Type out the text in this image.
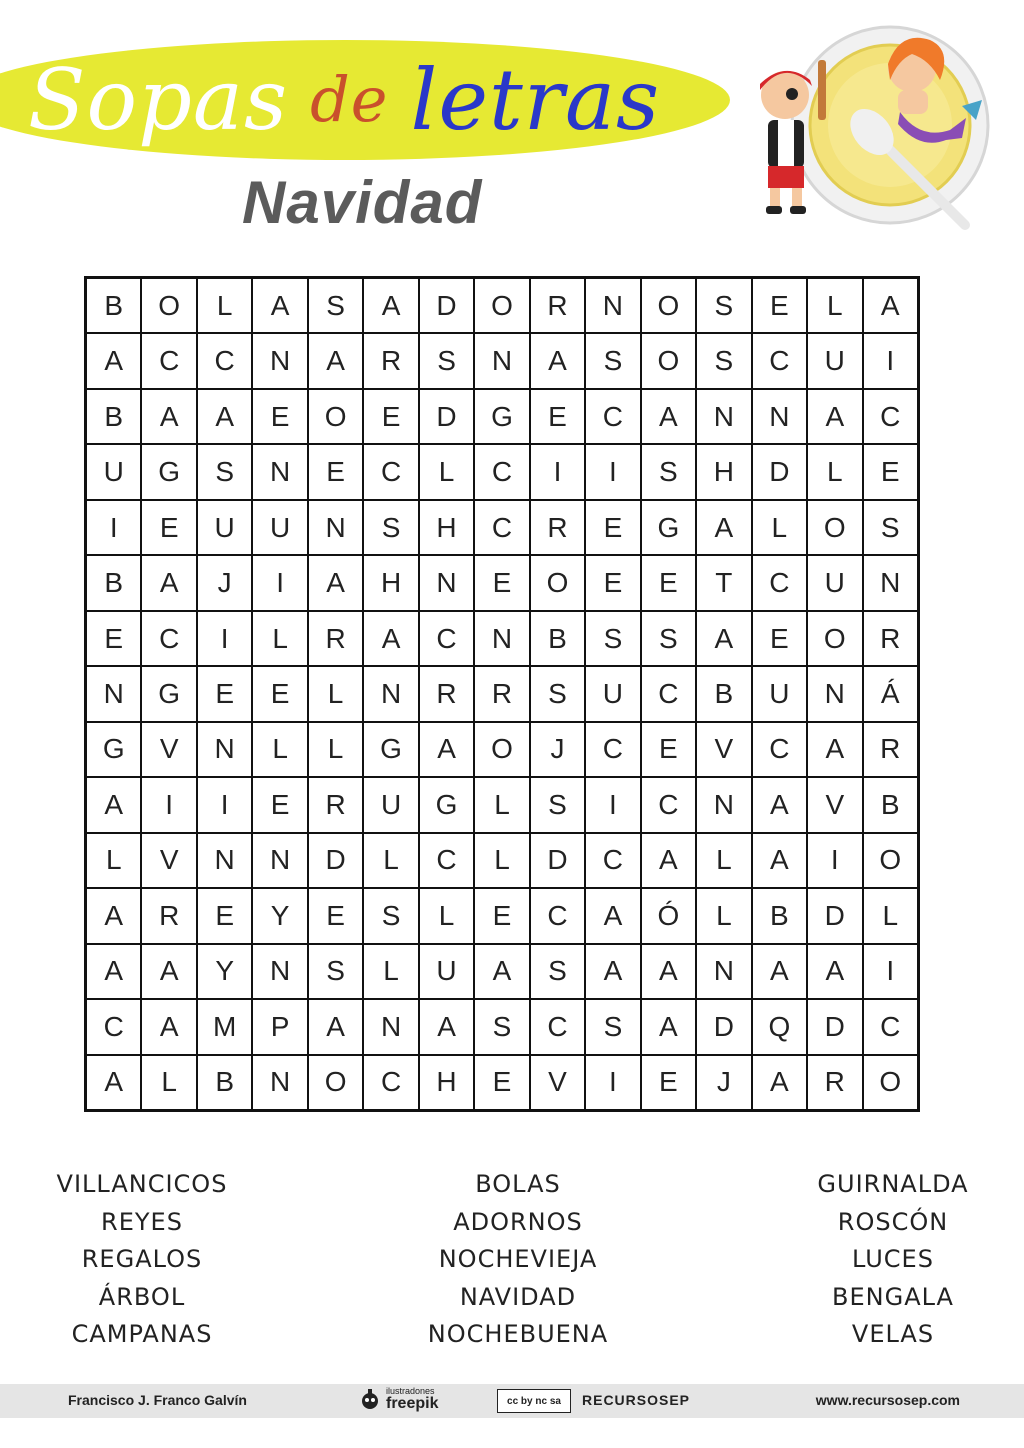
Sopas de letras
Navidad
B	O	L	A	S	A	D	O	R	N	O	S	E	L	A
A	C	C	N	A	R	S	N	A	S	O	S	C	U	I
B	A	A	E	O	E	D	G	E	C	A	N	N	A	C
U	G	S	N	E	C	L	C	I	I	S	H	D	L	E
I	E	U	U	N	S	H	C	R	E	G	A	L	O	S
B	A	J	I	A	H	N	E	O	E	E	T	C	U	N
E	C	I	L	R	A	C	N	B	S	S	A	E	O	R
N	G	E	E	L	N	R	R	S	U	C	B	U	N	Á
G	V	N	L	L	G	A	O	J	C	E	V	C	A	R
A	I	I	E	R	U	G	L	S	I	C	N	A	V	B
L	V	N	N	D	L	C	L	D	C	A	L	A	I	O
A	R	E	Y	E	S	L	E	C	A	Ó	L	B	D	L
A	A	Y	N	S	L	U	A	S	A	A	N	A	A	I
C	A	M	P	A	N	A	S	C	S	A	D	Q	D	C
A	L	B	N	O	C	H	E	V	I	E	J	A	R	O
VILLANCICOS
REYES
REGALOS
ÁRBOL
CAMPANAS
BOLAS
ADORNOS
NOCHEVIEJA
NAVIDAD
NOCHEBUENA
GUIRNALDA
ROSCÓN
LUCES
BENGALA
VELAS
Francisco J. Franco Galvín
ilustradones
freepik	cc by nc sa RECURSOSEP	www.recursosep.com
